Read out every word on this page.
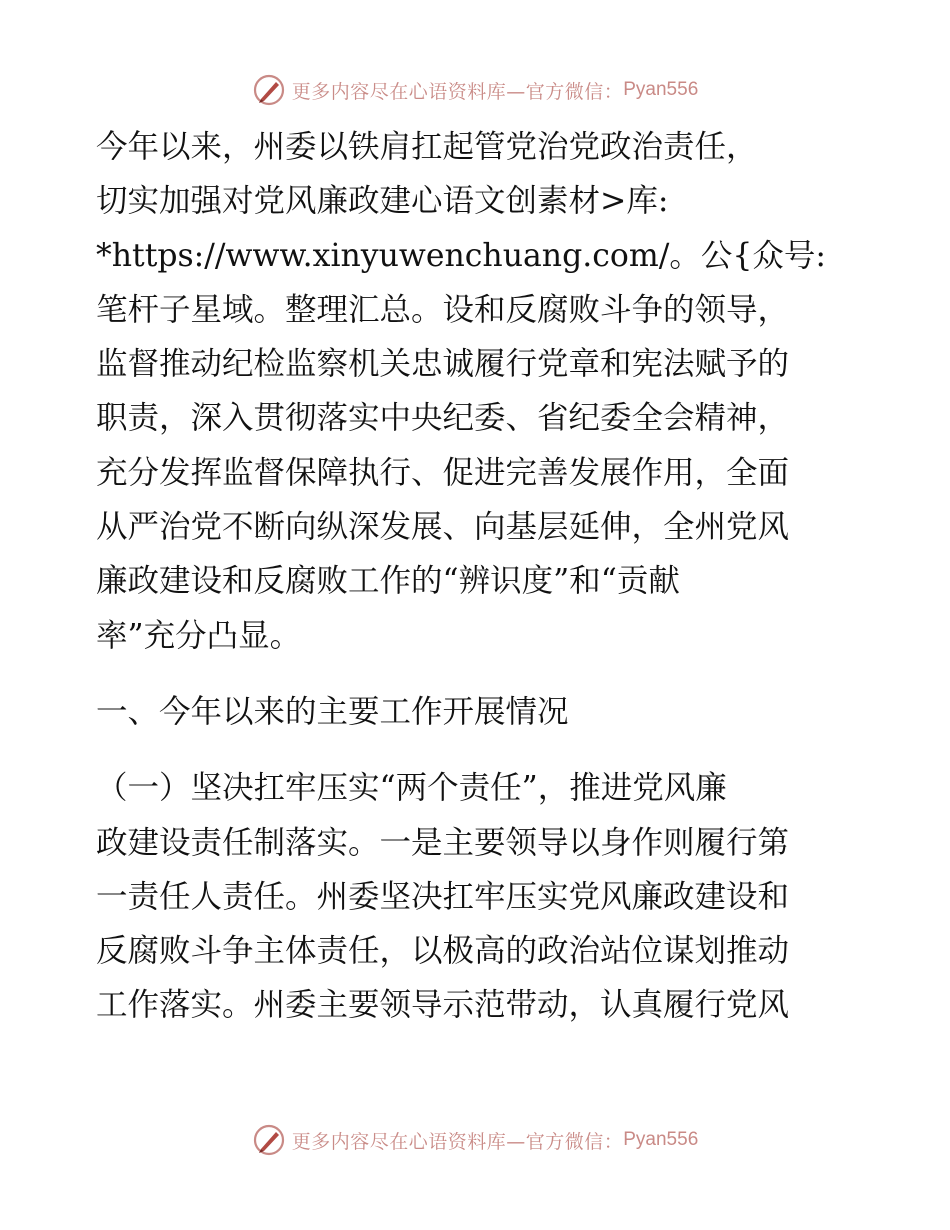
更多内容尽在心语资料库—官方微信： Pyan556
今年以来，州委以铁肩扛起管党治党政治责任，
切实加强对党风廉政建心语文创素材>库:
*https://www.xinyuwenchuang.com/。公{众号:
笔杆子星域。整理汇总。设和反腐败斗争的领导，
监督推动纪检监察机关忠诚履行党章和宪法赋予的
职责，深入贯彻落实中央纪委、省纪委全会精神，
充分发挥监督保障执行、促进完善发展作用，全面
从严治党不断向纵深发展、向基层延伸，全州党风
廉政建设和反腐败工作的“辨识度”和“贡献
率”充分凸显。
一、今年以来的主要工作开展情况
（一）坚决扛牢压实“两个责任”，推进党风廉
政建设责任制落实。一是主要领导以身作则履行第
一责任人责任。州委坚决扛牢压实党风廉政建设和
反腐败斗争主体责任，以极高的政治站位谋划推动
工作落实。州委主要领导示范带动，认真履行党风
更多内容尽在心语资料库—官方微信： Pyan556
